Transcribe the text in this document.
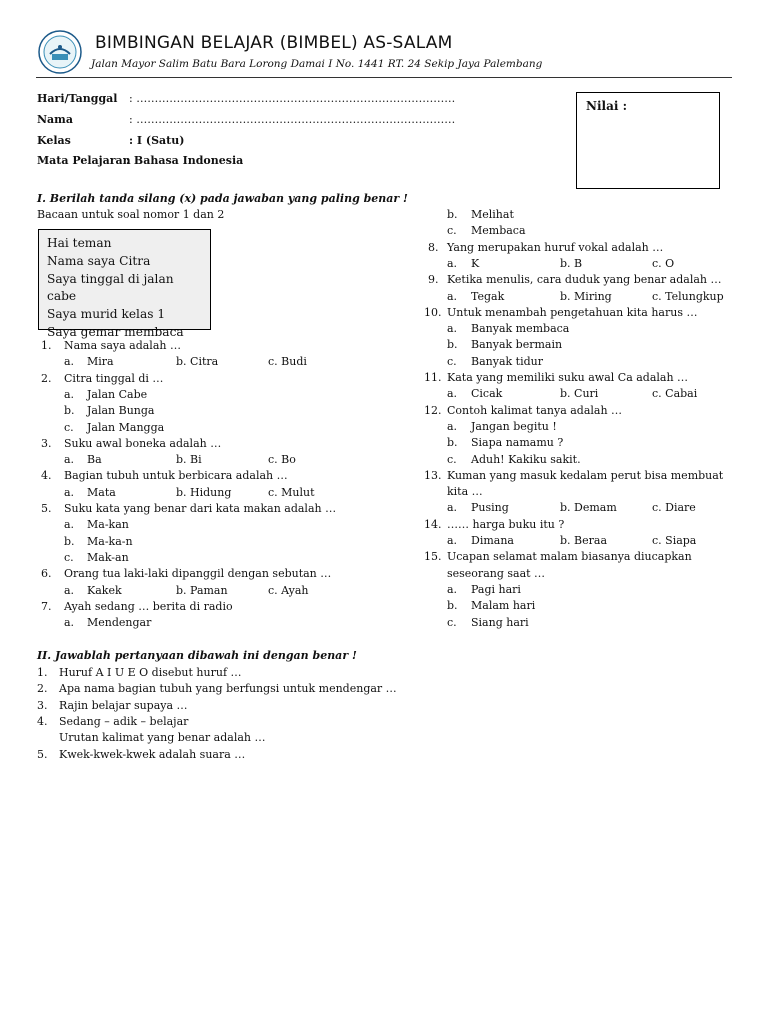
BIMBINGAN BELAJAR (BIMBEL) AS-SALAM
Jalan Mayor Salim Batu Bara Lorong Damai I No. 1441 RT. 24 Sekip Jaya Palembang
Hari/Tanggal : ……………………………………………………………………………
Nama	: ……………………………………………………………………………
Kelas	: I (Satu)
Mata Pelajaran
: Bahasa Indonesia
Nilai :
I. Berilah tanda silang (x) pada jawaban yang paling benar !
Bacaan untuk soal nomor 1 dan 2
Hai teman
Nama saya Citra
Saya tinggal di jalan cabe
Saya murid kelas 1
Saya gemar membaca
1. Nama saya adalah …
a. Mira	b. Citra	c. Budi
2. Citra tinggal di …
a. Jalan Cabe
b. Jalan Bunga
c. Jalan Mangga
3. Suku awal boneka adalah …
a. Ba	b. Bi	c. Bo
4. Bagian tubuh untuk berbicara adalah …
a. Mata	b. Hidung	c. Mulut
5. Suku kata yang benar dari kata makan adalah …
a. Ma-kan
b. Ma-ka-n
c. Mak-an
6. Orang tua laki-laki dipanggil dengan sebutan …
a. Kakek	b. Paman	c. Ayah
7. Ayah sedang … berita di radio
a. Mendengar
b. Melihat
c. Membaca
8. Yang merupakan huruf vokal adalah …
a. K	b. B	c. O
9. Ketika menulis, cara duduk yang benar adalah …
a. Tegak	b. Miring	c. Telungkup
10. Untuk menambah pengetahuan kita harus …
a. Banyak membaca
b. Banyak bermain
c. Banyak tidur
11. Kata yang memiliki suku awal Ca adalah …
a. Cicak	b. Curi	c. Cabai
12. Contoh kalimat tanya adalah …
a. Jangan begitu !
b. Siapa namamu ?
c. Aduh! Kakiku sakit.
13. Kuman yang masuk kedalam perut bisa membuat
kita …
a. Pusing	b. Demam	c. Diare
14. …… harga buku itu ?
a. Dimana	b. Beraa	c. Siapa
15. Ucapan selamat malam biasanya diucapkan
seseorang saat …
a. Pagi hari
b. Malam hari
c. Siang hari
II. Jawablah pertanyaan dibawah ini dengan benar !
1. Huruf A I U E O disebut huruf …
2. Apa nama bagian tubuh yang berfungsi untuk mendengar …
3. Rajin belajar supaya …
4. Sedang – adik – belajar
Urutan kalimat yang benar adalah …
5. Kwek-kwek-kwek adalah suara …
